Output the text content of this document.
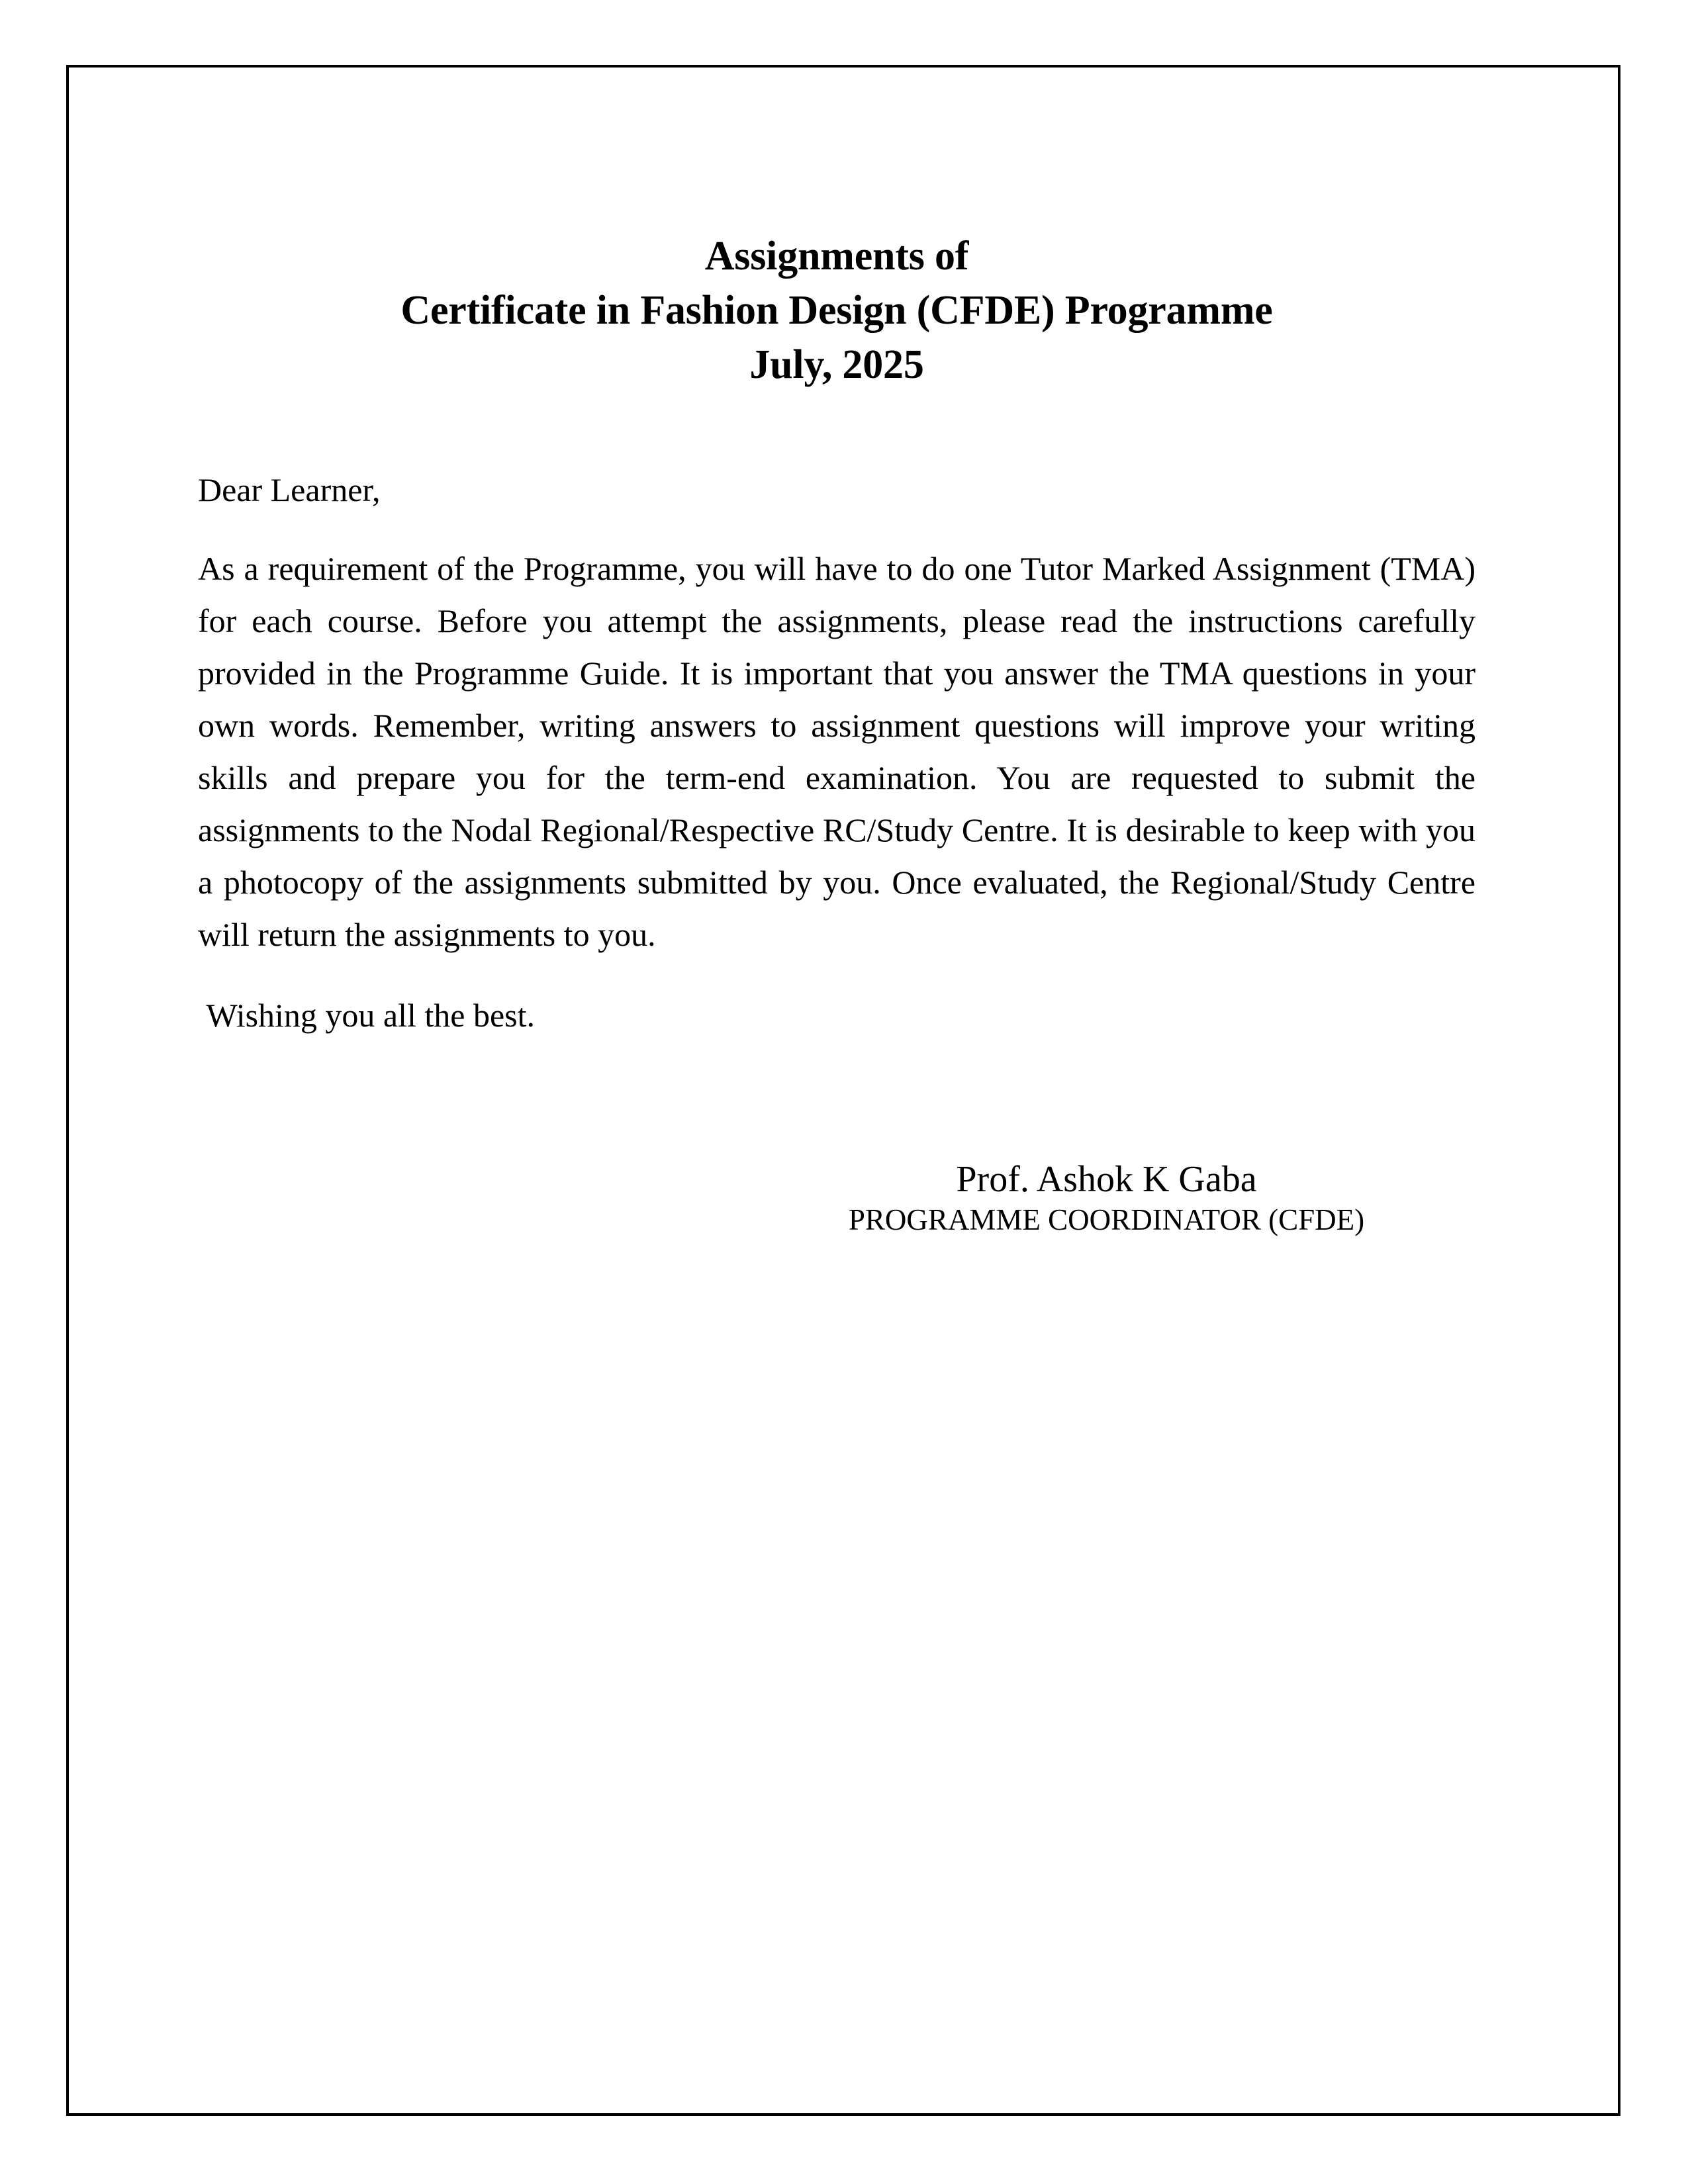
Assignments of
Certificate in Fashion Design (CFDE) Programme
July, 2025

Dear Learner,

As a requirement of the Programme, you will have to do one Tutor Marked Assignment (TMA) for each course. Before you attempt the assignments, please read the instructions carefully provided in the Programme Guide. It is important that you answer the TMA questions in your own words. Remember, writing answers to assignment questions will improve your writing skills and prepare you for the term-end examination. You are requested to submit the assignments to the Nodal Regional/Respective RC/Study Centre. It is desirable to keep with you a photocopy of the assignments submitted by you. Once evaluated, the Regional/Study Centre will return the assignments to you.

Wishing you all the best.

Prof. Ashok K Gaba
PROGRAMME COORDINATOR (CFDE)
